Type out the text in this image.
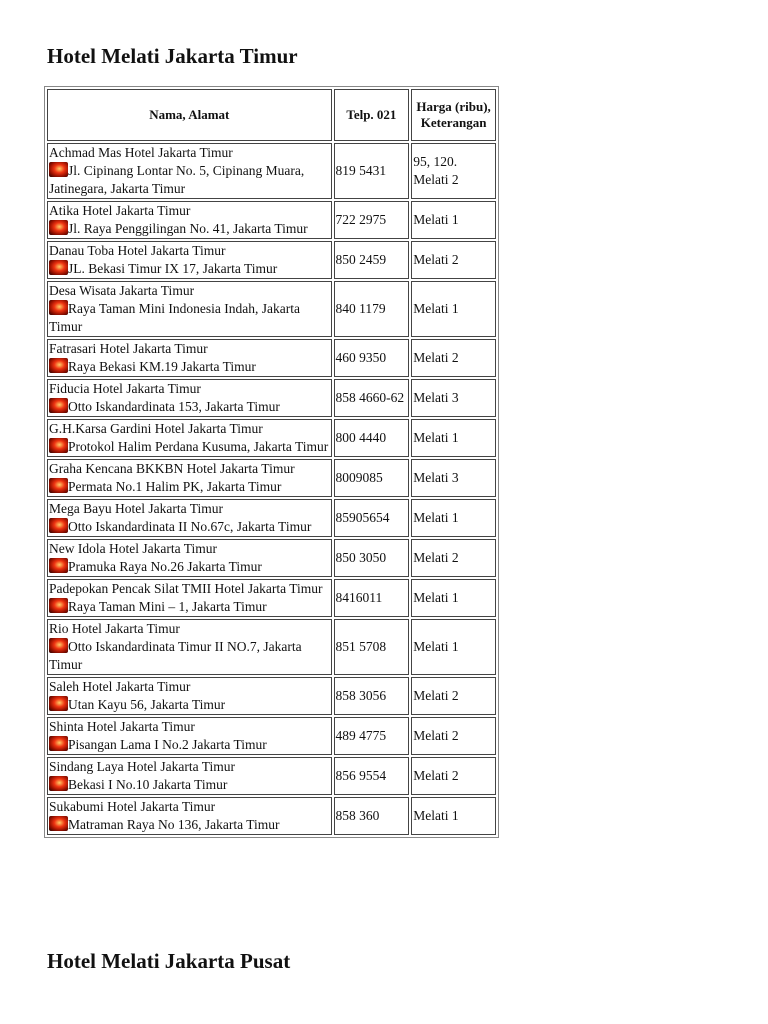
Hotel Melati Jakarta Timur
Nama, Alamat	Telp. 021	Harga (ribu), Keterangan
Achmad Mas Hotel Jakarta Timur
Jl. Cipinang Lontar No. 5, Cipinang Muara, Jatinegara, Jakarta Timur	819 5431	95, 120. Melati 2
Atika Hotel Jakarta Timur
Jl. Raya Penggilingan No. 41, Jakarta Timur	722 2975	Melati 1
Danau Toba Hotel Jakarta Timur
JL. Bekasi Timur IX 17, Jakarta Timur	850 2459	Melati 2
Desa Wisata Jakarta Timur
Raya Taman Mini Indonesia Indah, Jakarta Timur	840 1179	Melati 1
Fatrasari Hotel Jakarta Timur
Raya Bekasi KM.19 Jakarta Timur	460 9350	Melati 2
Fiducia Hotel Jakarta Timur
Otto Iskandardinata 153, Jakarta Timur	858 4660-62	Melati 3
G.H.Karsa Gardini Hotel Jakarta Timur
Protokol Halim Perdana Kusuma, Jakarta Timur	800 4440	Melati 1
Graha Kencana BKKBN Hotel Jakarta Timur
Permata No.1 Halim PK, Jakarta Timur	8009085	Melati 3
Mega Bayu Hotel Jakarta Timur
Otto Iskandardinata II No.67c, Jakarta Timur	85905654	Melati 1
New Idola Hotel Jakarta Timur
Pramuka Raya No.26 Jakarta Timur	850 3050	Melati 2
Padepokan Pencak Silat TMII Hotel Jakarta Timur
Raya Taman Mini – 1, Jakarta Timur	8416011	Melati 1
Rio Hotel Jakarta Timur
Otto Iskandardinata Timur II NO.7, Jakarta Timur	851 5708	Melati 1
Saleh Hotel Jakarta Timur
Utan Kayu 56, Jakarta Timur	858 3056	Melati 2
Shinta Hotel Jakarta Timur
Pisangan Lama I No.2 Jakarta Timur	489 4775	Melati 2
Sindang Laya Hotel Jakarta Timur
Bekasi I No.10 Jakarta Timur	856 9554	Melati 2
Sukabumi Hotel Jakarta Timur
Matraman Raya No 136, Jakarta Timur	858 360	Melati 1
Hotel Melati Jakarta Pusat
